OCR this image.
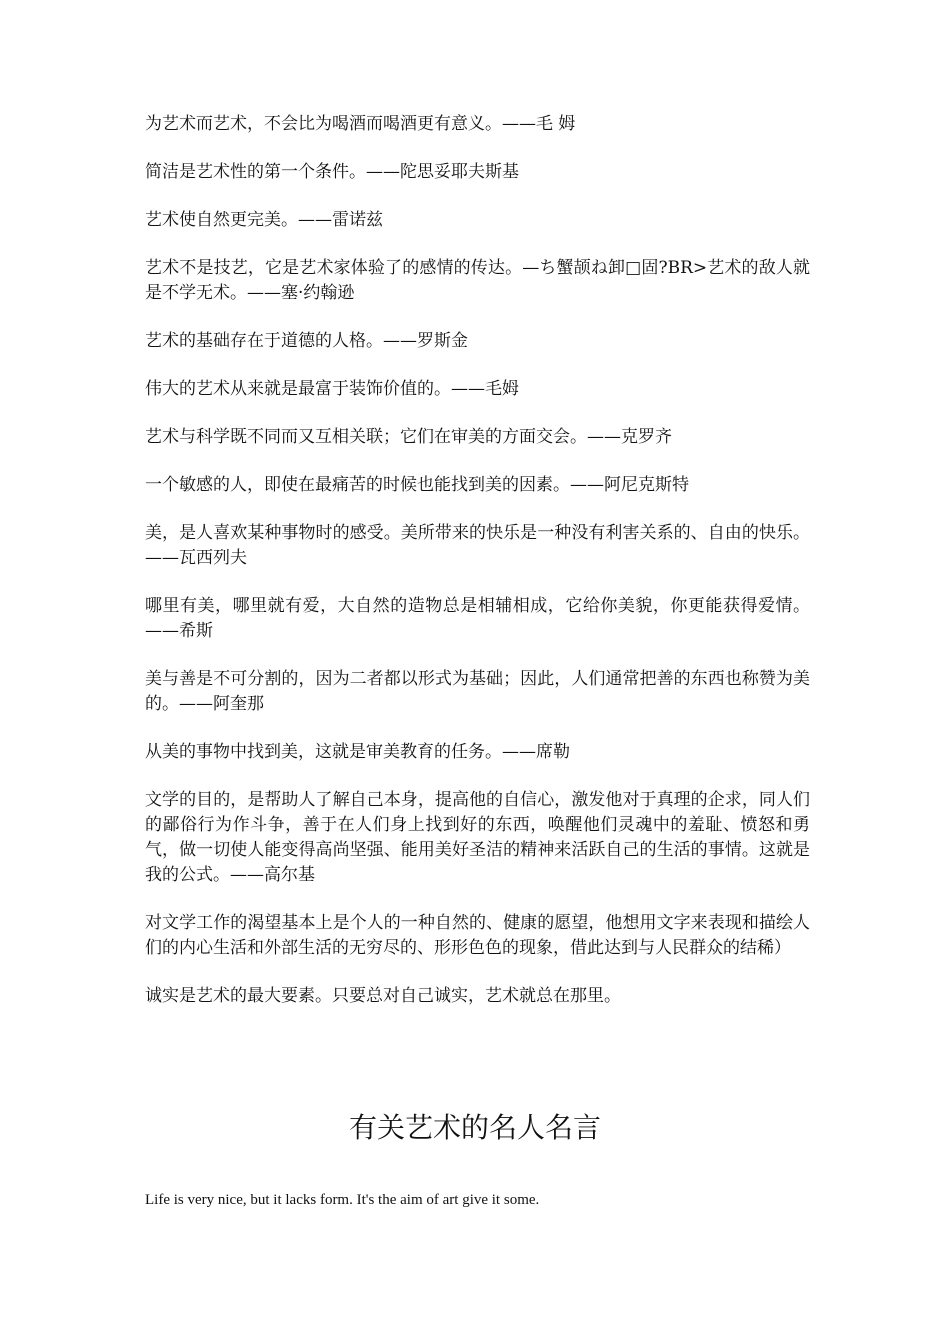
为艺术而艺术，不会比为喝酒而喝酒更有意义。——毛 姆

简洁是艺术性的第一个条件。——陀思妥耶夫斯基

艺术使自然更完美。——雷诺兹

艺术不是技艺，它是艺术家体验了的感情的传达。—ち蟹颉ね卸□固?BR>艺术的敌人就是不学无术。——塞·约翰逊

艺术的基础存在于道德的人格。——罗斯金

伟大的艺术从来就是最富于装饰价值的。——毛姆

艺术与科学既不同而又互相关联；它们在审美的方面交会。——克罗齐

一个敏感的人，即使在最痛苦的时候也能找到美的因素。——阿尼克斯特

美，是人喜欢某种事物时的感受。美所带来的快乐是一种没有利害关系的、自由的快乐。——瓦西列夫

哪里有美，哪里就有爱，大自然的造物总是相辅相成，它给你美貌，你更能获得爱情。——希斯

美与善是不可分割的，因为二者都以形式为基础；因此，人们通常把善的东西也称赞为美的。——阿奎那

从美的事物中找到美，这就是审美教育的任务。——席勒

文学的目的，是帮助人了解自己本身，提高他的自信心，激发他对于真理的企求，同人们的鄙俗行为作斗争，善于在人们身上找到好的东西，唤醒他们灵魂中的羞耻、愤怒和勇气，做一切使人能变得高尚坚强、能用美好圣洁的精神来活跃自己的生活的事情。这就是我的公式。——高尔基

对文学工作的渴望基本上是个人的一种自然的、健康的愿望，他想用文字来表现和描绘人们的内心生活和外部生活的无穷尽的、形形色色的现象，借此达到与人民群众的结稀）

诚实是艺术的最大要素。只要总对自己诚实，艺术就总在那里。

有关艺术的名人名言

Life is very nice, but it lacks form. It's the aim of art give it some.
